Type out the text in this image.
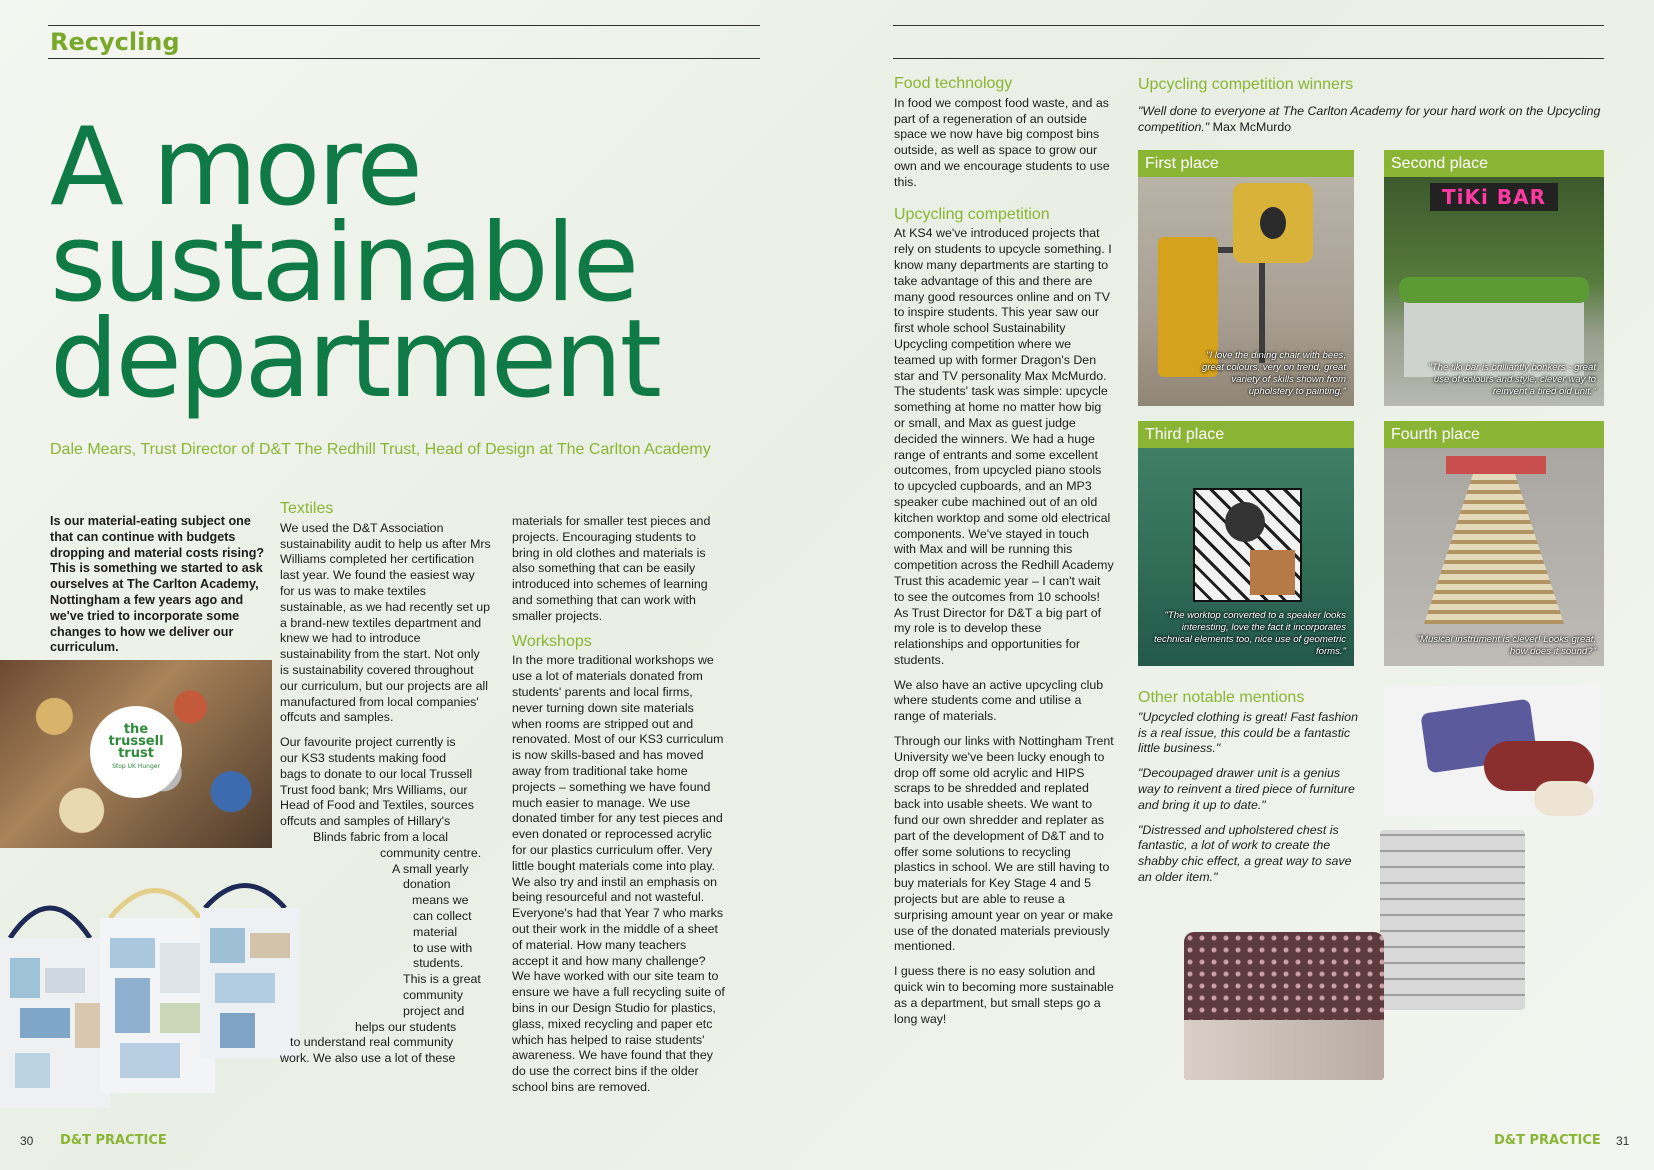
Recycling
A more
sustainable
department
Dale Mears, Trust Director of D&T The Redhill Trust, Head of Design at The Carlton Academy
Is our material-eating subject one that can continue with budgets dropping and material costs rising? This is something we started to ask ourselves at The Carlton Academy, Nottingham a few years ago and we've tried to incorporate some changes to how we deliver our curriculum.
the
trussell
trust
Stop UK Hunger
Textiles

We used the D&T Association sustainability audit to help us after Mrs Williams completed her certification last year. We found the easiest way for us was to make textiles sustainable, as we had recently set up a brand-new textiles department and knew we had to introduce sustainability from the start. Not only is sustainability covered throughout our curriculum, but our projects are all manufactured from local companies' offcuts and samples.

Our favourite project currently is
our KS3 students making food
bags to donate to our local Trussell
Trust food bank; Mrs Williams, our
Head of Food and Textiles, sources
offcuts and samples of Hillary's
Blinds fabric from a local
community centre.
A small yearly
donation
means we
can collect
material
to use with
students.
This is a great
community
project and
helps our students
to understand real community
work. We also use a lot of these

materials for smaller test pieces and projects. Encouraging students to bring in old clothes and materials is also something that can be easily introduced into schemes of learning and something that can work with smaller projects.

Workshops

In the more traditional workshops we use a lot of materials donated from students' parents and local firms, never turning down site materials when rooms are stripped out and renovated. Most of our KS3 curriculum is now skills-based and has moved away from traditional take home projects – something we have found much easier to manage. We use donated timber for any test pieces and even donated or reprocessed acrylic for our plastics curriculum offer. Very little bought materials come into play. We also try and instil an emphasis on being resourceful and not wasteful. Everyone's had that Year 7 who marks out their work in the middle of a sheet of material. How many teachers accept it and how many challenge? We have worked with our site team to ensure we have a full recycling suite of bins in our Design Studio for plastics, glass, mixed recycling and paper etc which has helped to raise students' awareness. We have found that they do use the correct bins if the older school bins are removed.

30 D&T PRACTICE
Food technology

In food we compost food waste, and as part of a regeneration of an outside space we now have big compost bins outside, as well as space to grow our own and we encourage students to use this.

Upcycling competition

At KS4 we've introduced projects that rely on students to upcycle something. I know many departments are starting to take advantage of this and there are many good resources online and on TV to inspire students. This year saw our first whole school Sustainability Upcycling competition where we teamed up with former Dragon's Den star and TV personality Max McMurdo. The students' task was simple: upcycle something at home no matter how big or small, and Max as guest judge decided the winners. We had a huge range of entrants and some excellent outcomes, from upcycled piano stools to upcycled cupboards, and an MP3 speaker cube machined out of an old kitchen worktop and some old electrical components. We've stayed in touch with Max and will be running this competition across the Redhill Academy Trust this academic year – I can't wait to see the outcomes from 10 schools! As Trust Director for D&T a big part of my role is to develop these relationships and opportunities for students.

We also have an active upcycling club where students come and utilise a range of materials.

Through our links with Nottingham Trent University we've been lucky enough to drop off some old acrylic and HIPS scraps to be shredded and replated back into usable sheets. We want to fund our own shredder and replater as part of the development of D&T and to offer some solutions to recycling plastics in school. We are still having to buy materials for Key Stage 4 and 5 projects but are able to reuse a surprising amount year on year or make use of the donated materials previously mentioned.

I guess there is no easy solution and quick win to becoming more sustainable as a department, but small steps go a long way!

Upcycling competition winners
"Well done to everyone at The Carlton Academy for your hard work on the Upcycling competition." Max McMurdo
First place
"I love the dining chair with bees, great colours, very on trend, great variety of skills shown from upholstery to painting."
Second place
TiKi BAR
"The tiki bar is brilliantly bonkers - great use of colours and style, clever way to reinvent a tired old unit."
Third place
"The worktop converted to a speaker looks interesting, love the fact it incorporates technical elements too, nice use of geometric forms."
Fourth place
"Musical instrument is clever! Looks great, how does it sound?"
Other notable mentions

"Upcycled clothing is great! Fast fashion is a real issue, this could be a fantastic little business."

"Decoupaged drawer unit is a genius way to reinvent a tired piece of furniture and bring it up to date."

"Distressed and upholstered chest is fantastic, a lot of work to create the shabby chic effect, a great way to save an older item."

D&T PRACTICE 31
